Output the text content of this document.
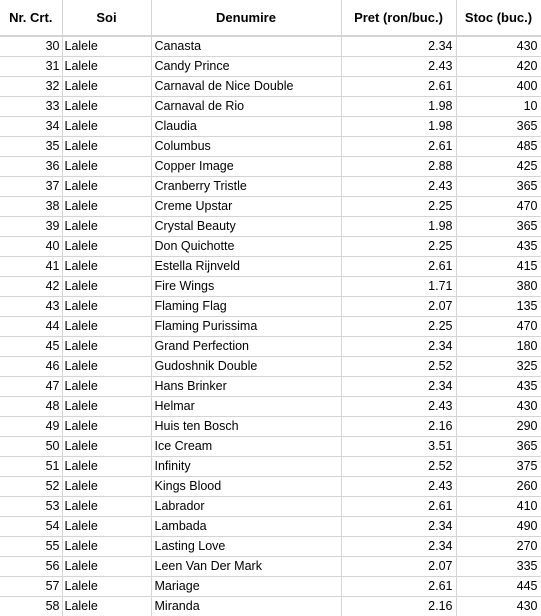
Nr. Crt.	Soi	Denumire	Pret (ron/buc.)	Stoc (buc.)
30	Lalele	Canasta	2.34	430
31	Lalele	Candy Prince	2.43	420
32	Lalele	Carnaval de Nice Double	2.61	400
33	Lalele	Carnaval de Rio	1.98	10
34	Lalele	Claudia	1.98	365
35	Lalele	Columbus	2.61	485
36	Lalele	Copper Image	2.88	425
37	Lalele	Cranberry Tristle	2.43	365
38	Lalele	Creme Upstar	2.25	470
39	Lalele	Crystal Beauty	1.98	365
40	Lalele	Don Quichotte	2.25	435
41	Lalele	Estella Rijnveld	2.61	415
42	Lalele	Fire Wings	1.71	380
43	Lalele	Flaming Flag	2.07	135
44	Lalele	Flaming Purissima	2.25	470
45	Lalele	Grand Perfection	2.34	180
46	Lalele	Gudoshnik Double	2.52	325
47	Lalele	Hans Brinker	2.34	435
48	Lalele	Helmar	2.43	430
49	Lalele	Huis ten Bosch	2.16	290
50	Lalele	Ice Cream	3.51	365
51	Lalele	Infinity	2.52	375
52	Lalele	Kings Blood	2.43	260
53	Lalele	Labrador	2.61	410
54	Lalele	Lambada	2.34	490
55	Lalele	Lasting Love	2.34	270
56	Lalele	Leen Van Der Mark	2.07	335
57	Lalele	Mariage	2.61	445
58	Lalele	Miranda	2.16	430
